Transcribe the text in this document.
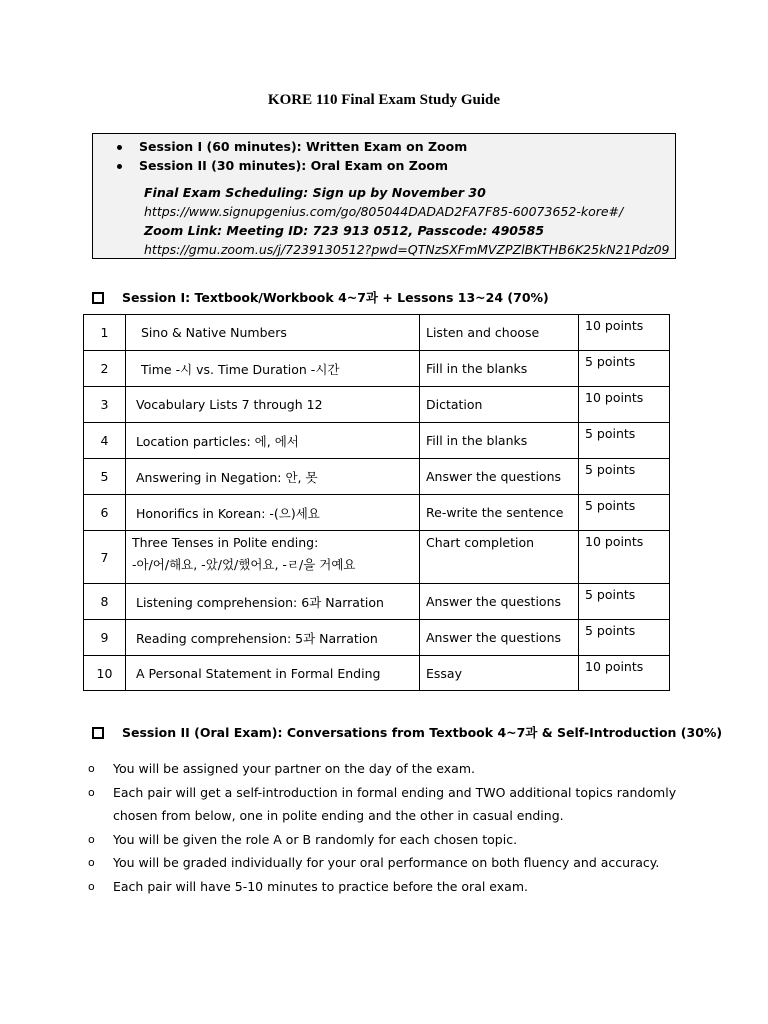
KORE 110 Final Exam Study Guide
Session I (60 minutes): Written Exam on Zoom
Session II (30 minutes): Oral Exam on Zoom
Final Exam Scheduling: Sign up by November 30
https://www.signupgenius.com/go/805044DADAD2FA7F85-60073652-kore#/
Zoom Link: Meeting ID: 723 913 0512, Passcode: 490585
https://gmu.zoom.us/j/7239130512?pwd=QTNzSXFmMVZPZlBKTHB6K25kN21Pdz09
Session I: Textbook/Workbook 4~7과 + Lessons 13~24 (70%)
1	Sino & Native Numbers	Listen and choose	10 points
2	Time -시 vs. Time Duration -시간	Fill in the blanks	5 points
3	Vocabulary Lists 7 through 12	Dictation	10 points
4	Location particles: 에, 에서	Fill in the blanks	5 points
5	Answering in Negation: 안, 못	Answer the questions	5 points
6	Honorifics in Korean: -(으)세요	Re-write the sentence	5 points
7	Three Tenses in Polite ending:
-아/어/해요, -았/었/했어요, -ㄹ/을 거예요	Chart completion	10 points
8	Listening comprehension: 6과 Narration	Answer the questions	5 points
9	Reading comprehension: 5과 Narration	Answer the questions	5 points
10	A Personal Statement in Formal Ending	Essay	10 points
Session II (Oral Exam): Conversations from Textbook 4~7과 & Self-Introduction (30%)
o You will be assigned your partner on the day of the exam.
o Each pair will get a self-introduction in formal ending and TWO additional topics randomly chosen from below, one in polite ending and the other in casual ending.
o You will be given the role A or B randomly for each chosen topic.
o You will be graded individually for your oral performance on both fluency and accuracy.
o Each pair will have 5-10 minutes to practice before the oral exam.
